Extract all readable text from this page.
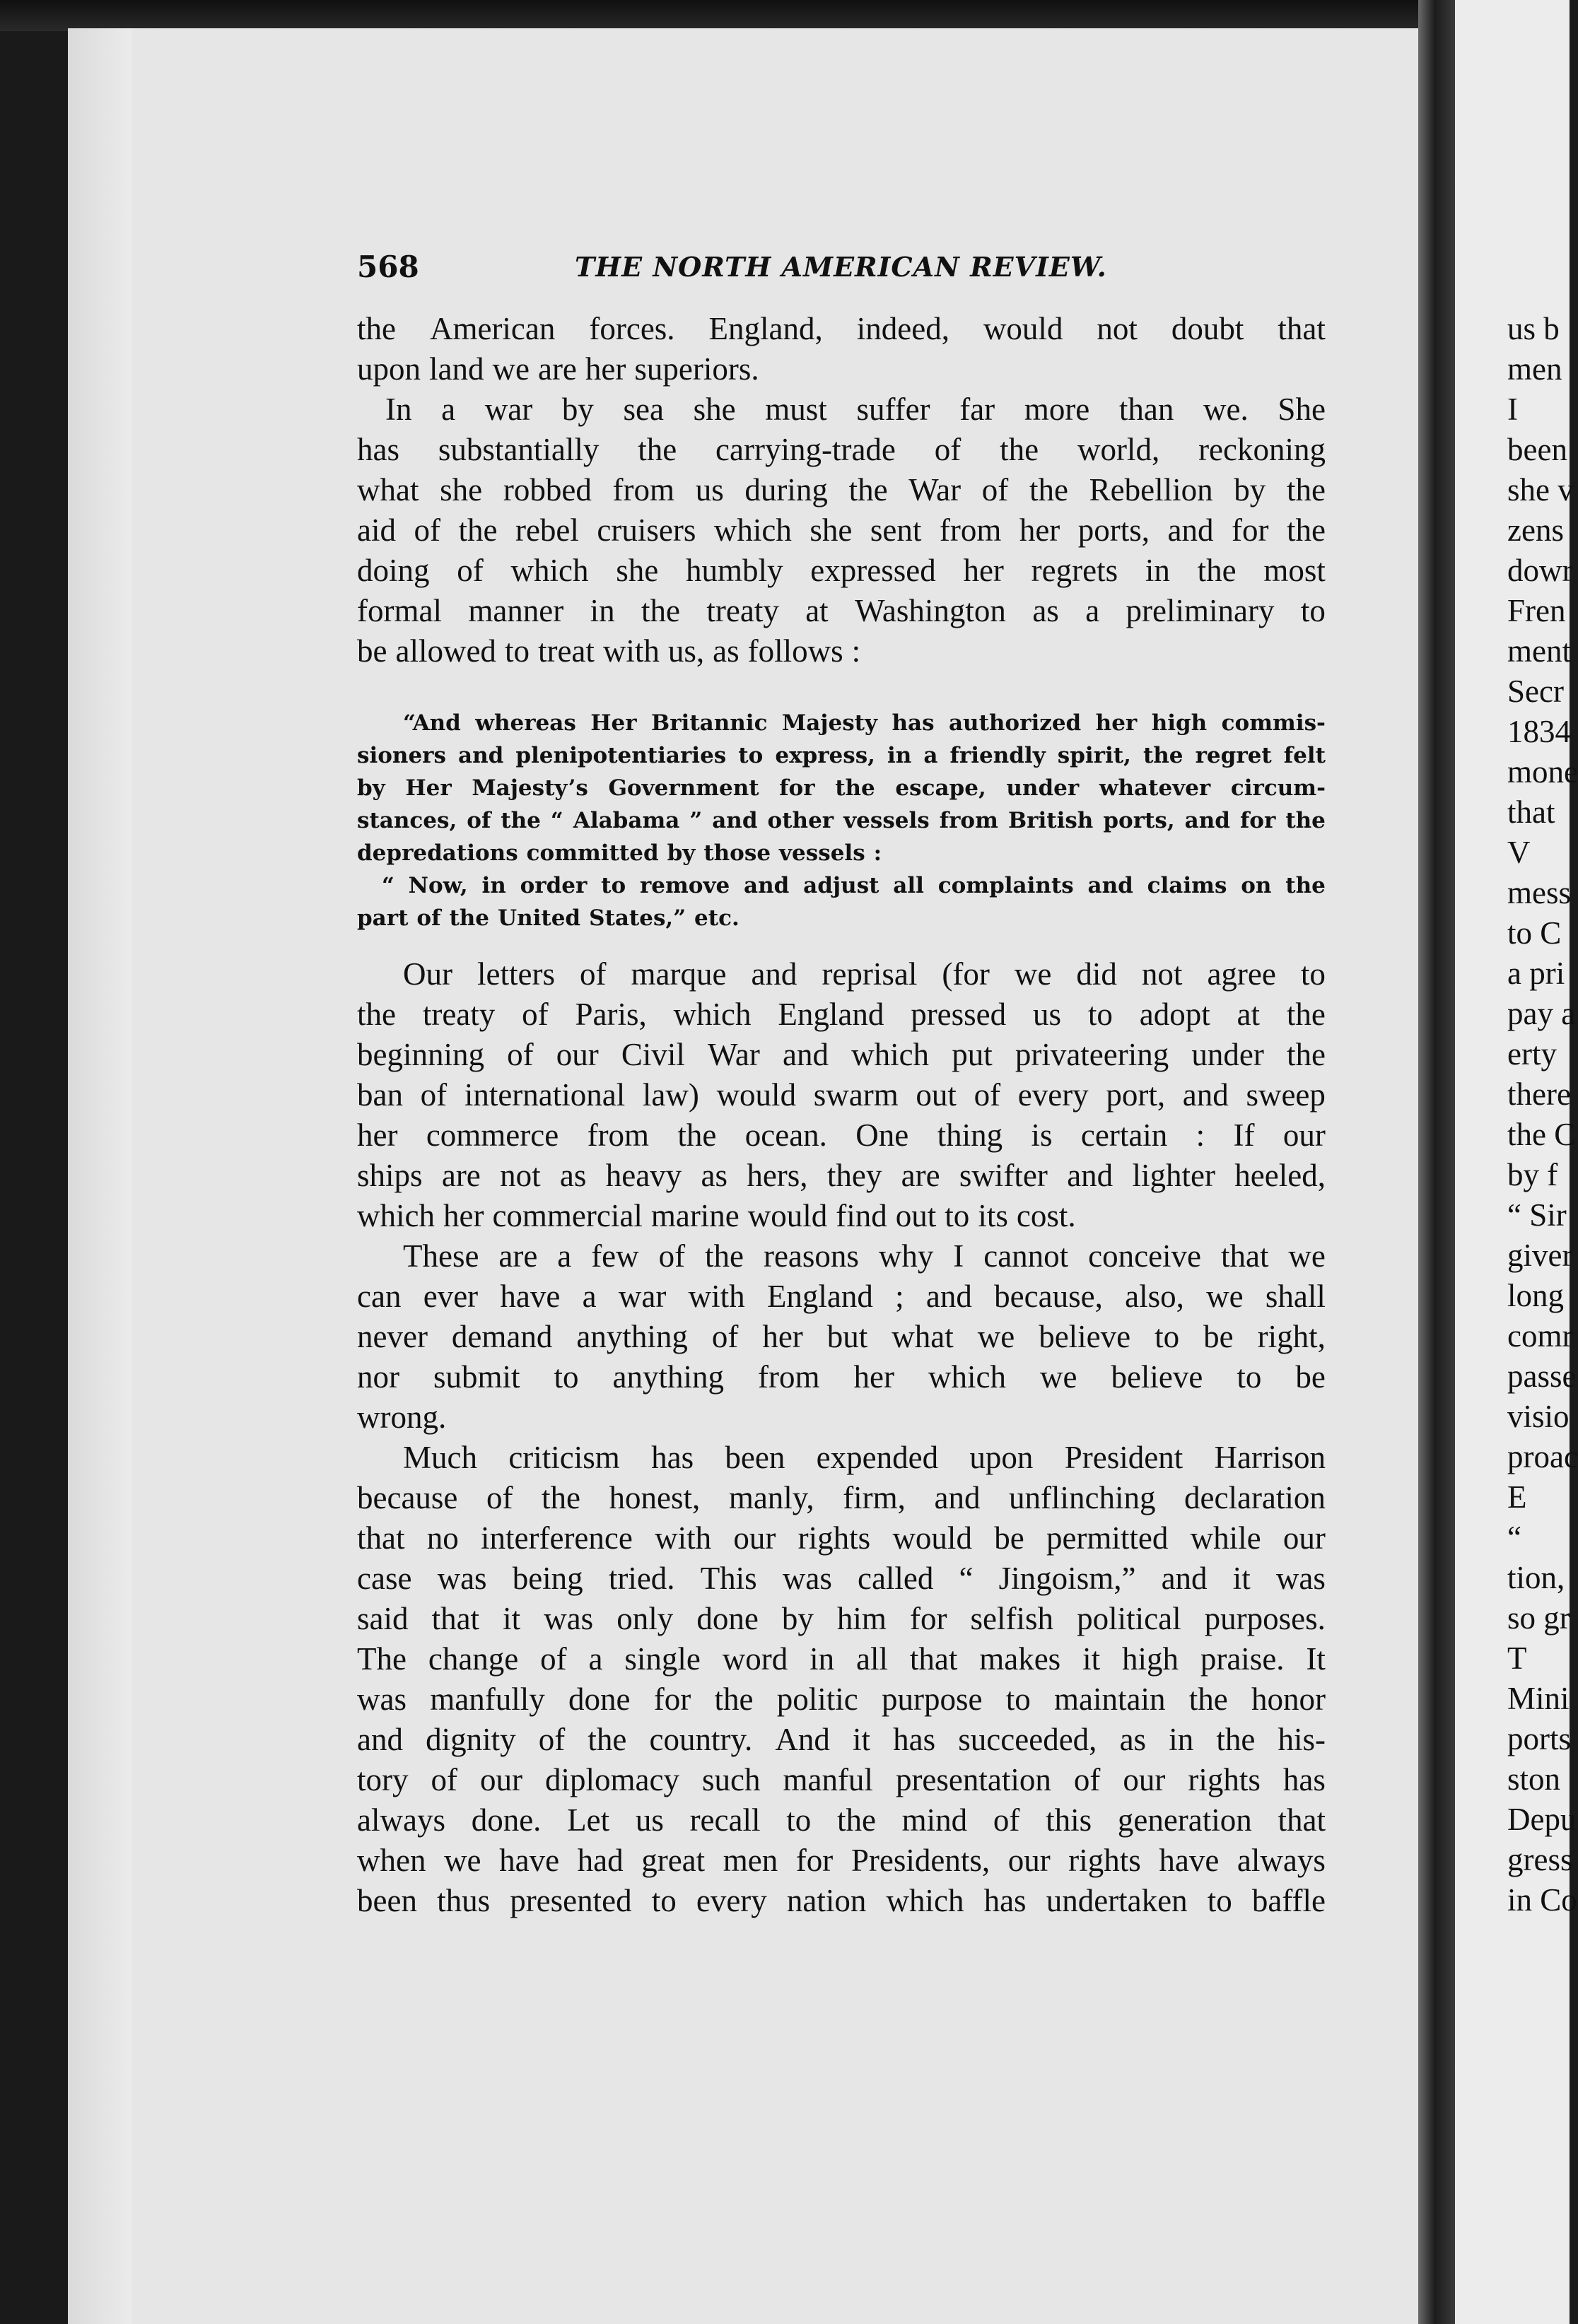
568	THE NORTH AMERICAN REVIEW.
the American forces. England, indeed, would not doubt that
upon land we are her superiors.
In a war by sea she must suffer far more than we. She
has substantially the carrying-trade of the world, reckoning
what she robbed from us during the War of the Rebellion by the
aid of the rebel cruisers which she sent from her ports, and for the
doing of which she humbly expressed her regrets in the most
formal manner in the treaty at Washington as a preliminary to
be allowed to treat with us, as follows :
“And whereas Her Britannic Majesty has authorized her high commis-
sioners and plenipotentiaries to express, in a friendly spirit, the regret felt
by Her Majesty’s Government for the escape, under whatever circum-
stances, of the “ Alabama ” and other vessels from British ports, and for the
depredations committed by those vessels :
“ Now, in order to remove and adjust all complaints and claims on the
part of the United States,” etc.
Our letters of marque and reprisal (for we did not agree to
the treaty of Paris, which England pressed us to adopt at the
beginning of our Civil War and which put privateering under the
ban of international law) would swarm out of every port, and sweep
her commerce from the ocean. One thing is certain : If our
ships are not as heavy as hers, they are swifter and lighter heeled,
which her commercial marine would find out to its cost.
These are a few of the reasons why I cannot conceive that we
can ever have a war with England ; and because, also, we shall
never demand anything of her but what we believe to be right,
nor submit to anything from her which we believe to be
wrong.
Much criticism has been expended upon President Harrison
because of the honest, manly, firm, and unflinching declaration
that no interference with our rights would be permitted while our
case was being tried. This was called “ Jingoism,” and it was
said that it was only done by him for selfish political purposes.
The change of a single word in all that makes it high praise. It
was manfully done for the politic purpose to maintain the honor
and dignity of the country. And it has succeeded, as in the his-
tory of our diplomacy such manful presentation of our rights has
always done. Let us recall to the mind of this generation that
when we have had great men for Presidents, our rights have always
been thus presented to every nation which has undertaken to baffle
us b
men
I
been
she v
zens
dowr
Fren
ment
Secr
1834
mone
that
V
mess
to C
a pri
pay a
erty
there
the C
by f
“ Sir
giver
long
comr
passe
visio
proac
E
“
tion,
so gr
T
Mini
ports
ston
Depu
gress
in Co
